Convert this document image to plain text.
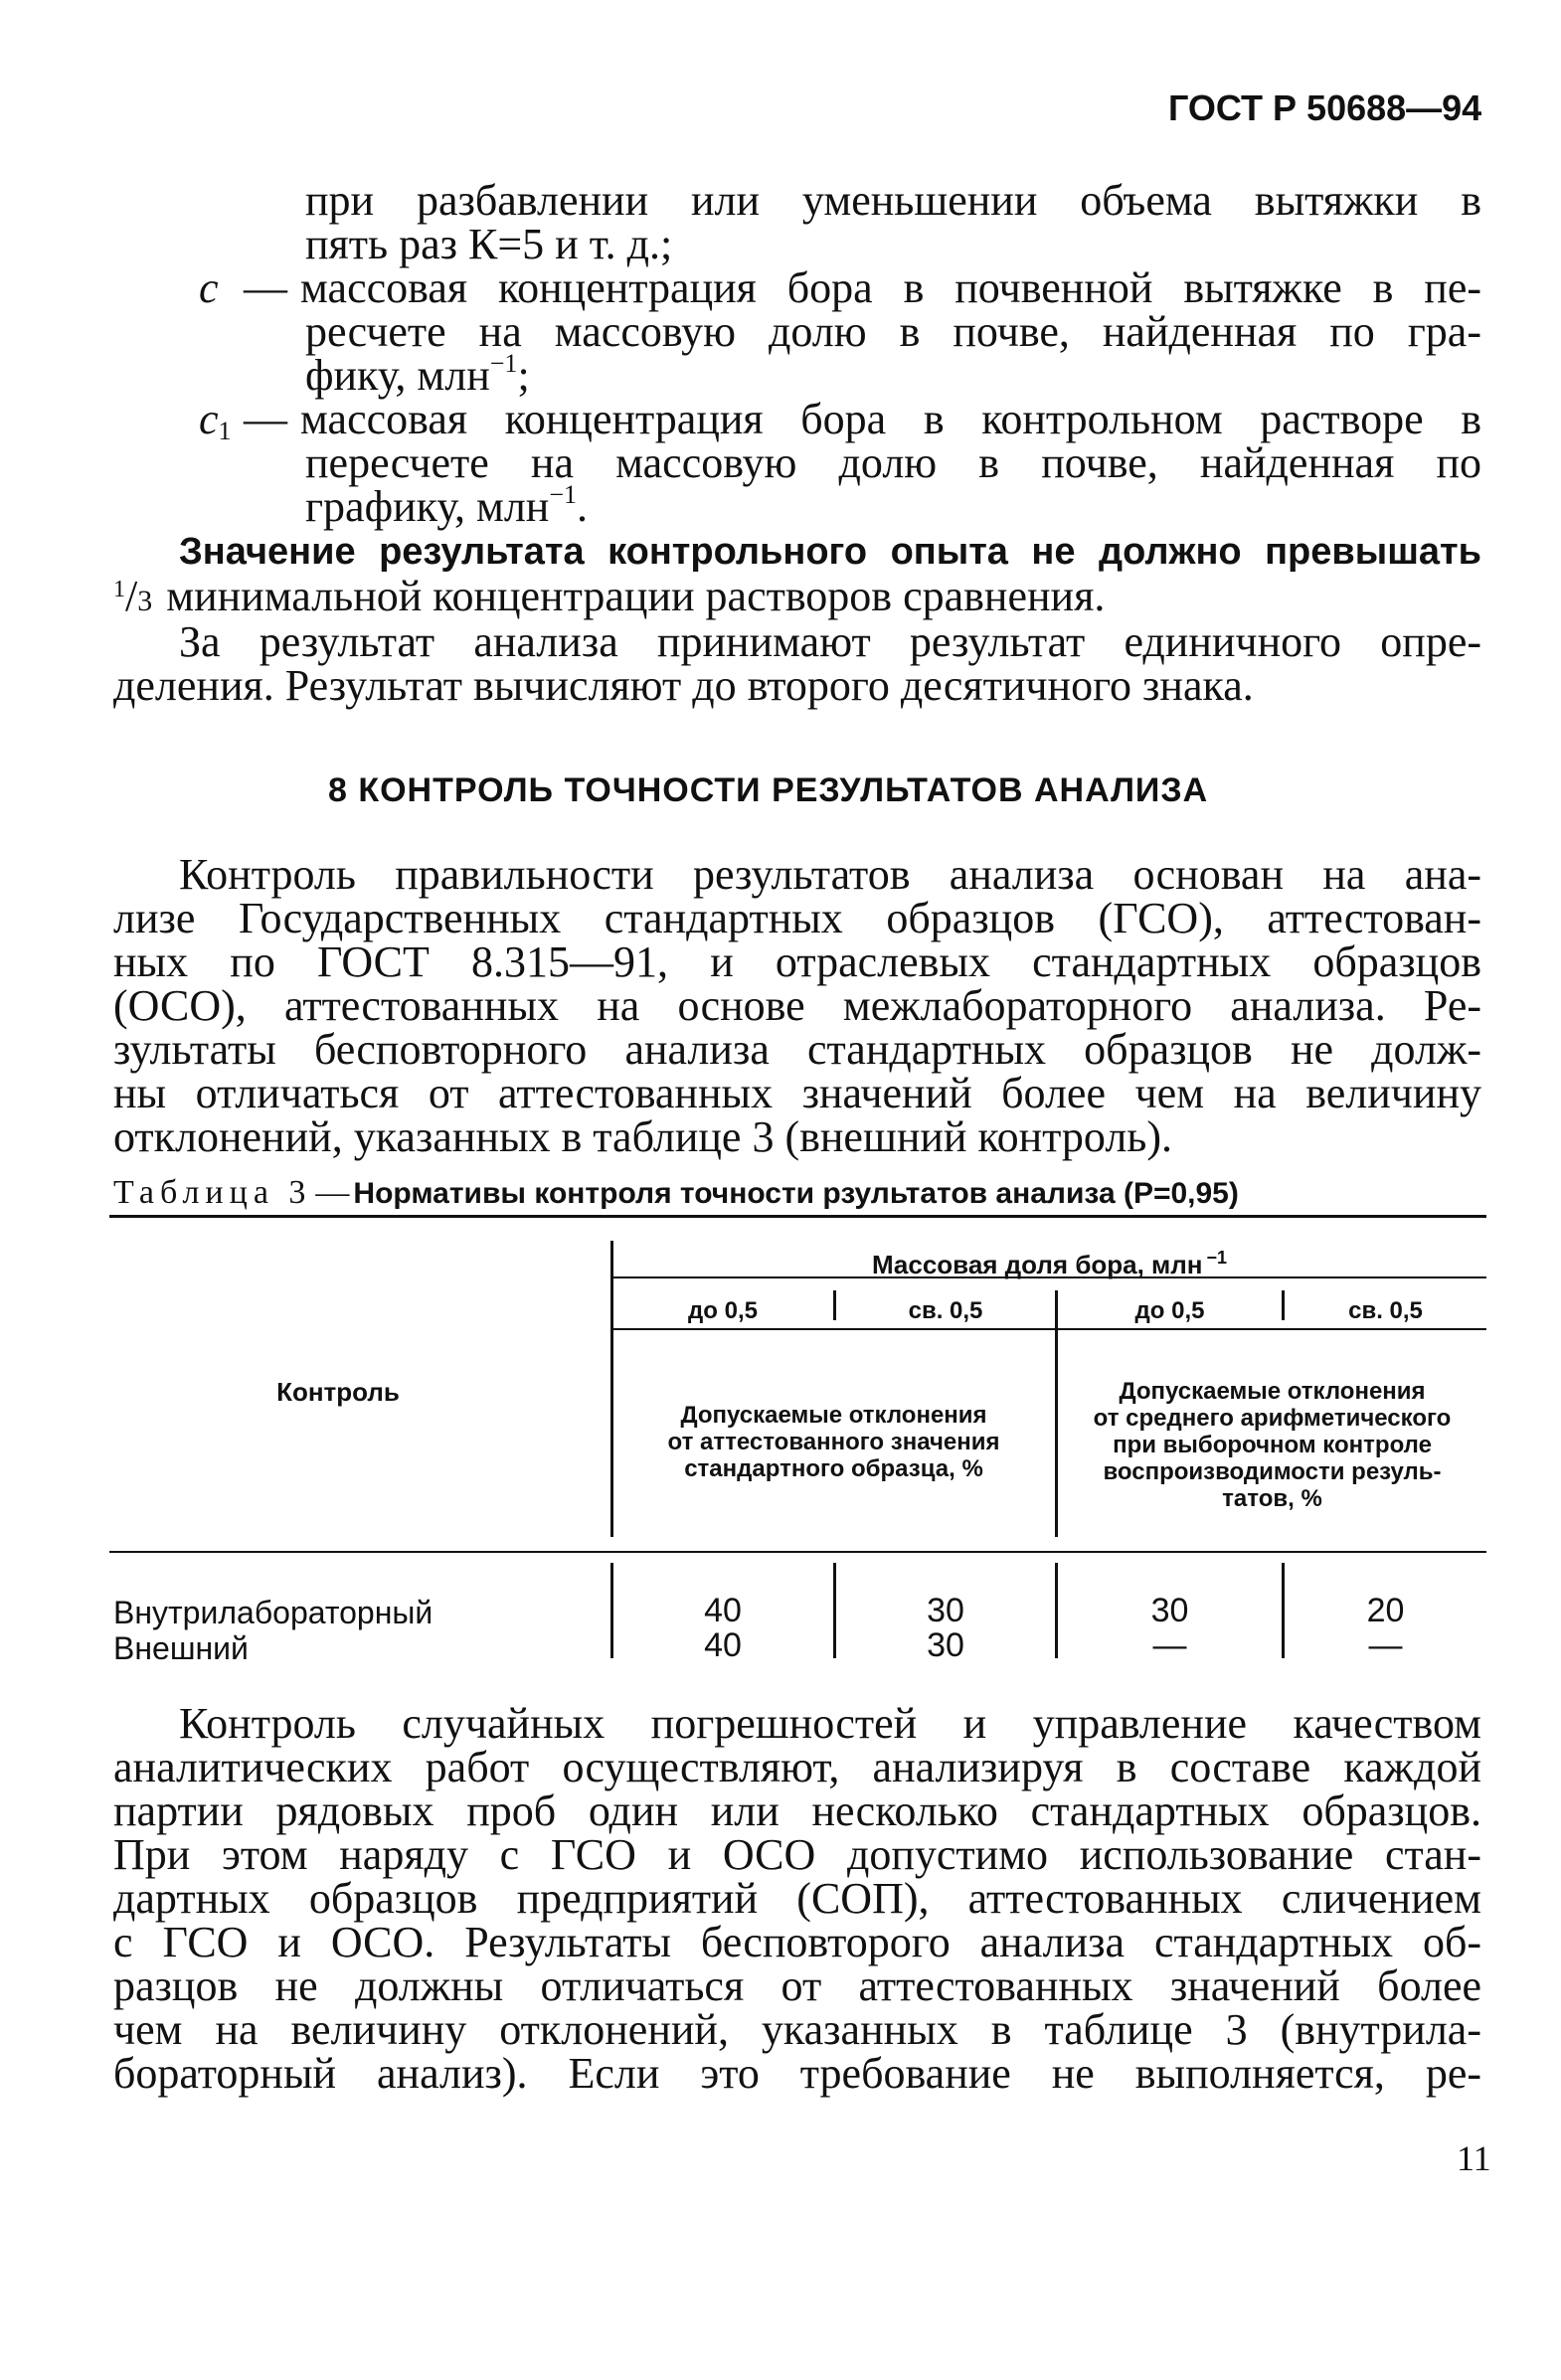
ГОСТ Р 50688—94
при разбавлении или уменьшении объема вытяжки в
пять раз К=5 и т. д.;
с — массовая концентрация бора в почвенной вытяжке в пе-
ресчете на массовую долю в почве, найденная по гра-
фику, млн$^{-1}$;
с1 — массовая концентрация бора в контрольном растворе в
пересчете на массовую долю в почве, найденная по
графику, млн$^{-1}$.
Значение результата контрольного опыта не должно превышать
$^1$/3 минимальной концентрации растворов сравнения.
За результат анализа принимают результат единичного опре-
деления. Результат вычисляют до второго десятичного знака.
8 КОНТРОЛЬ ТОЧНОСТИ РЕЗУЛЬТАТОВ АНАЛИЗА
Контроль правильности результатов анализа основан на ана-
лизе Государственных стандартных образцов (ГСО), аттестован-
ных по ГОСТ 8.315—91, и отраслевых стандартных образцов
(ОСО), аттестованных на основе межлабораторного анализа. Ре-
зультаты бесповторного анализа стандартных образцов не долж-
ны отличаться от аттестованных значений более чем на величину
отклонений, указанных в таблице 3 (внешний контроль).
Таблица 3 — Нормативы контроля точности рзультатов анализа (P=0,95)
Массовая доля бора, млн $^{-1}$
до 0,5	св. 0,5	до 0,5	св. 0,5
Контроль
Допускаемые отклонения
от аттестованного значения
стандартного образца, %
Допускаемые отклонения
от среднего арифметического
при выборочном контроле
воспроизводимости резуль-
татов, %
Внутрилабораторный	40	30	30	20
Внешний	40	30	—	—
Контроль случайных погрешностей и управление качеством
аналитических работ осуществляют, анализируя в составе каждой
партии рядовых проб один или несколько стандартных образцов.
При этом наряду с ГСО и ОСО допустимо использование стан-
дартных образцов предприятий (СОП), аттестованных сличением
с ГСО и ОСО. Результаты бесповторого анализа стандартных об-
разцов не должны отличаться от аттестованных значений более
чем на величину отклонений, указанных в таблице 3 (внутрила-
бораторный анализ). Если это требование не выполняется, ре-
11
